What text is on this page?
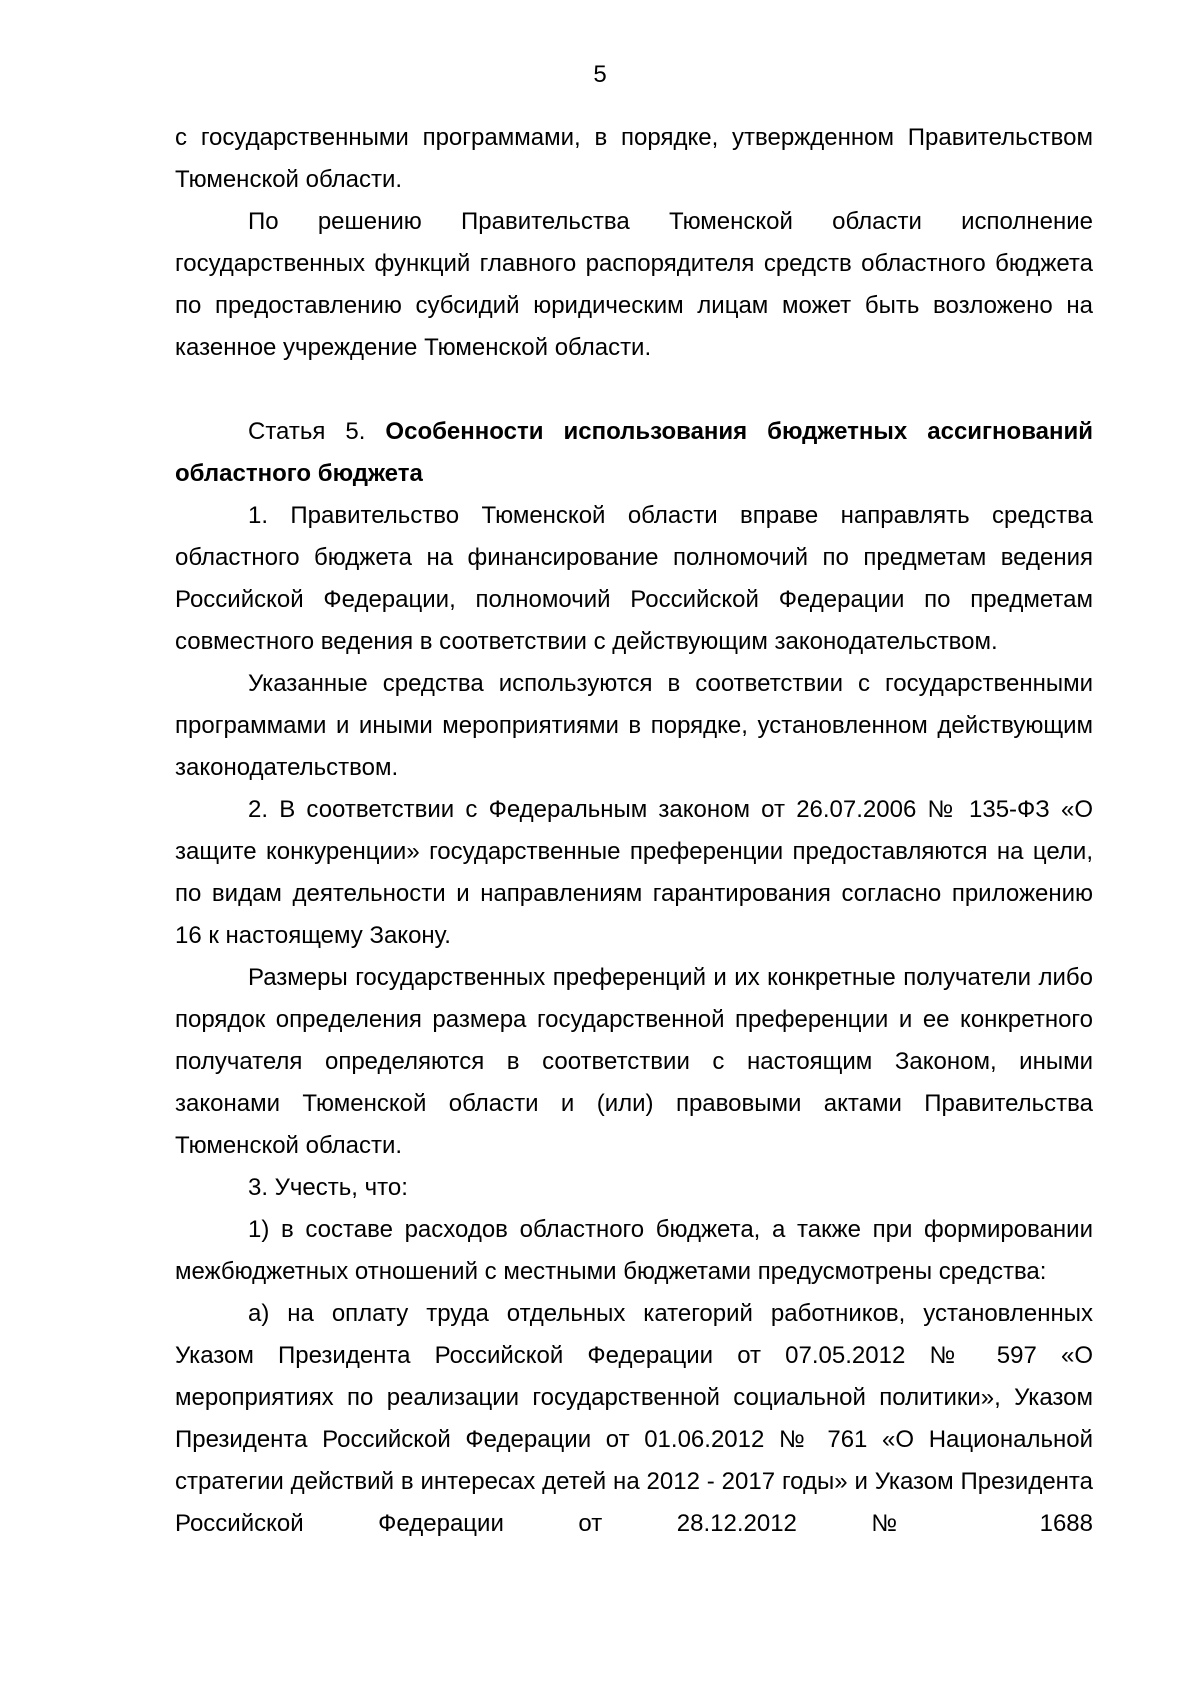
5

с государственными программами, в порядке, утвержденном Правительством Тюменской области.

По решению Правительства Тюменской области исполнение государственных функций главного распорядителя средств областного бюджета по предоставлению субсидий юридическим лицам может быть возложено на казенное учреждение Тюменской области.

Статья 5. Особенности использования бюджетных ассигнований областного бюджета

1. Правительство Тюменской области вправе направлять средства областного бюджета на финансирование полномочий по предметам ведения Российской Федерации, полномочий Российской Федерации по предметам совместного ведения в соответствии с действующим законодательством.

Указанные средства используются в соответствии с государственными программами и иными мероприятиями в порядке, установленном действующим законодательством.

2. В соответствии с Федеральным законом от 26.07.2006 № 135-ФЗ «О защите конкуренции» государственные преференции предоставляются на цели, по видам деятельности и направлениям гарантирования согласно приложению 16 к настоящему Закону.

Размеры государственных преференций и их конкретные получатели либо порядок определения размера государственной преференции и ее конкретного получателя определяются в соответствии с настоящим Законом, иными законами Тюменской области и (или) правовыми актами Правительства Тюменской области.

3. Учесть, что:

1) в составе расходов областного бюджета, а также при формировании межбюджетных отношений с местными бюджетами предусмотрены средства:

а) на оплату труда отдельных категорий работников, установленных Указом Президента Российской Федерации от 07.05.2012 № 597 «О мероприятиях по реализации государственной социальной политики», Указом Президента Российской Федерации от 01.06.2012 № 761 «О Национальной стратегии действий в интересах детей на 2012 - 2017 годы» и Указом Президента Российской Федерации от 28.12.2012 № 1688
